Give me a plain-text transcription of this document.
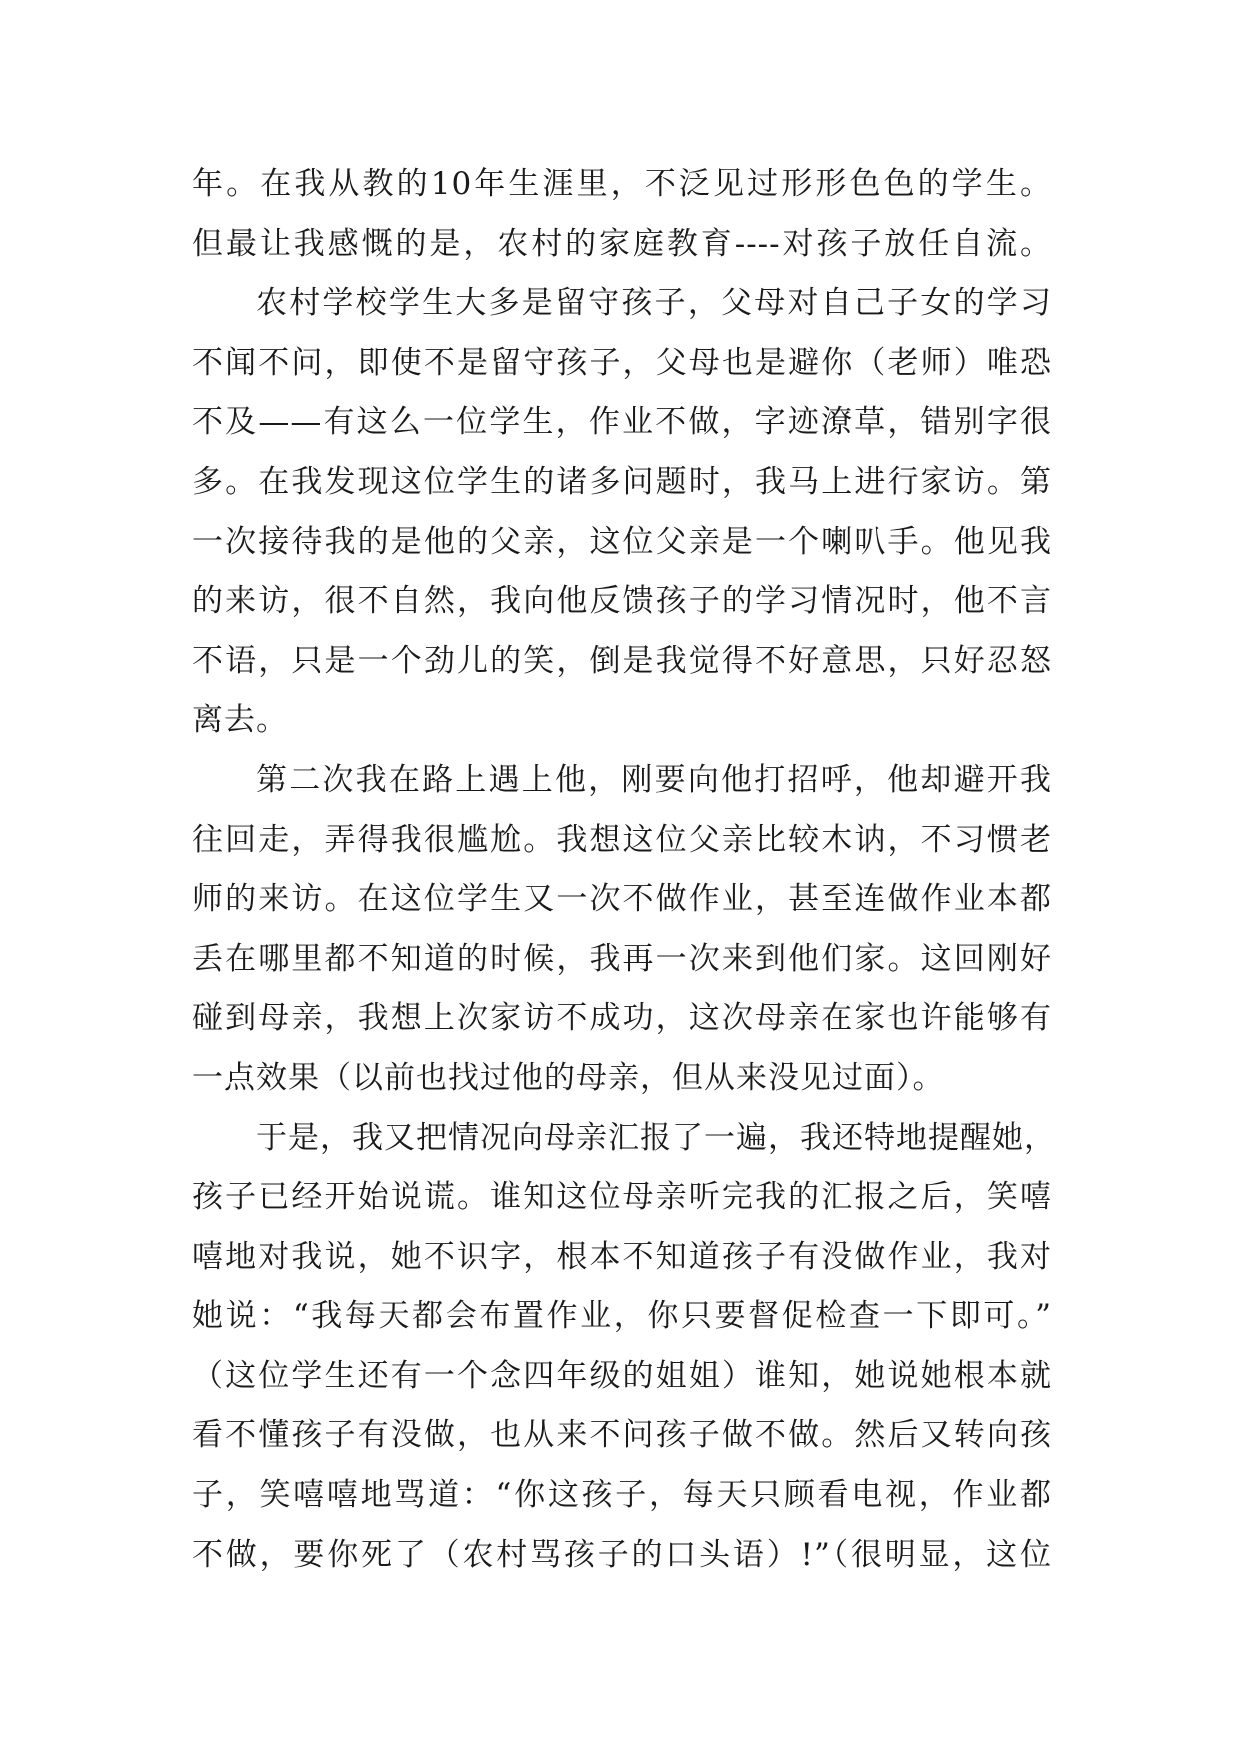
年。在我从教的10年生涯里，不泛见过形形色色的学生。
但最让我感慨的是，农村的家庭教育----对孩子放任自流。
农村学校学生大多是留守孩子，父母对自己子女的学习
不闻不问，即使不是留守孩子，父母也是避你（老师）唯恐
不及——有这么一位学生，作业不做，字迹潦草，错别字很
多。在我发现这位学生的诸多问题时，我马上进行家访。第
一次接待我的是他的父亲，这位父亲是一个喇叭手。他见我
的来访，很不自然，我向他反馈孩子的学习情况时，他不言
不语，只是一个劲儿的笑，倒是我觉得不好意思，只好忍怒
离去。
第二次我在路上遇上他，刚要向他打招呼，他却避开我
往回走，弄得我很尴尬。我想这位父亲比较木讷，不习惯老
师的来访。在这位学生又一次不做作业，甚至连做作业本都
丢在哪里都不知道的时候，我再一次来到他们家。这回刚好
碰到母亲，我想上次家访不成功，这次母亲在家也许能够有
一点效果（以前也找过他的母亲，但从来没见过面）。
于是，我又把情况向母亲汇报了一遍，我还特地提醒她，
孩子已经开始说谎。谁知这位母亲听完我的汇报之后，笑嘻
嘻地对我说，她不识字，根本不知道孩子有没做作业，我对
她说：“我每天都会布置作业，你只要督促检查一下即可。”
（这位学生还有一个念四年级的姐姐）谁知，她说她根本就
看不懂孩子有没做，也从来不问孩子做不做。然后又转向孩
子，笑嘻嘻地骂道：“你这孩子，每天只顾看电视，作业都
不做，要你死了（农村骂孩子的口头语）!”（很明显，这位
